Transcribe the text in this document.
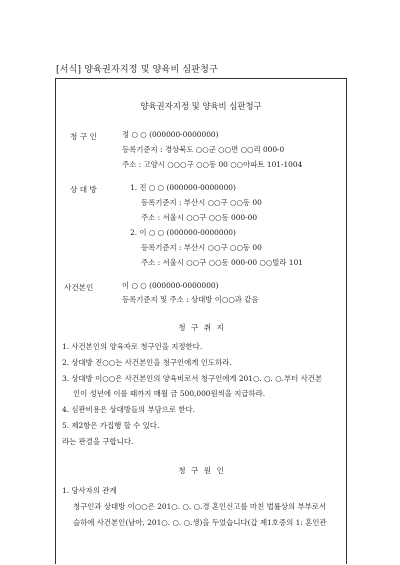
[서식] 양육권자지정 및 양육비 심판청구
양육권자지정 및 양육비 심판청구
청 구 인	정 ○ ○ (000000-0000000)
등록기준지 : 경상북도 ○○군 ○○면 ○○리 000-0
주소 : 고양시 ○○○구 ○○동 00 ○○아파트 101-1004
상 대 방	1. 진 ○ ○ (000000-0000000)
등록기준지 : 부산시 ○○구 ○○동 00
주소 : 서울시 ○○구 ○○동 000-00
2. 이 ○ ○ (000000-0000000)
등록기준지 : 부산시 ○○구 ○○동 00
주소 : 서울시 ○○구 ○○동 000-00 ○○빌라 101
사건본인	이 ○ ○ (000000-0000000)
등록기준지 및 주소 : 상대방 이○○과 같음
청 구 취 지
1. 사건본인의 양육자로 청구인을 지정한다.
2. 상대방 진○○는 사건본인을 청구인에게 인도하라.
3. 상대방 이○○은 사건본인의 양육비로서 청구인에게 201○. ○. ○.부터 사건본
인이 성년에 이를 때까지 매월 금 500,000원씩을 지급하라.
4. 심판비용은 상대방들의 부담으로 한다.
5. 제2항은 가집행 할 수 있다.
라는 판결을 구합니다.
청 구 원 인
1. 당사자의 관계
청구인과 상대방 이○○은 201○. ○. ○.경 혼인신고를 마친 법률상의 부부로서
슬하에 사건본인(남아, 201○. ○. ○.생)을 두었습니다(갑 제1호증의 1: 혼인관
